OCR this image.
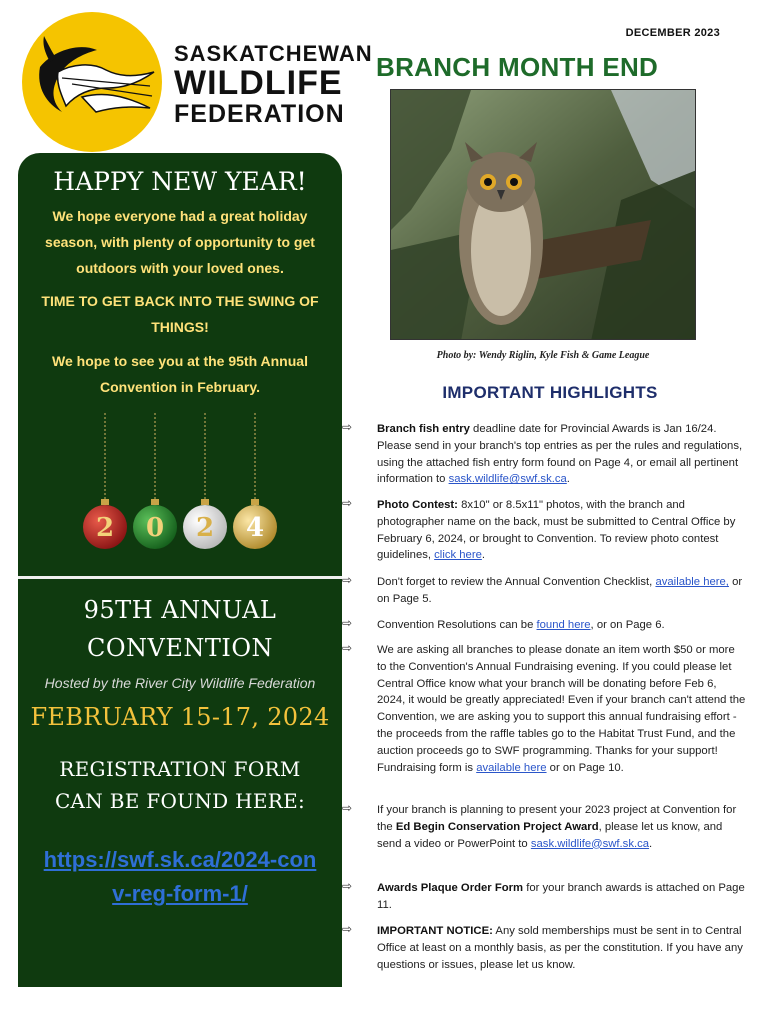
SASKATCHEWAN
WILDLIFE
FEDERATION
DECEMBER 2023
BRANCH MONTH END
Photo by: Wendy Riglin, Kyle Fish & Game League
HAPPY NEW YEAR!
We hope everyone had a great holiday season, with plenty of opportunity to get outdoors with your loved ones.
TIME TO GET BACK INTO THE SWING OF THINGS!
We hope to see you at the 95th Annual Convention in February.
2 0 2 4
95TH ANNUAL CONVENTION
Hosted by the River City Wildlife Federation
FEBRUARY 15-17, 2024
REGISTRATION FORM CAN BE FOUND HERE:
https://swf.sk.ca/2024-conv-reg-form-1/
IMPORTANT HIGHLIGHTS
⇨ Branch fish entry deadline date for Provincial Awards is Jan 16/24. Please send in your branch's top entries as per the rules and regulations, using the attached fish entry form found on Page 4, or email all pertinent information to sask.wildlife@swf.sk.ca.
⇨ Photo Contest: 8x10" or 8.5x11" photos, with the branch and photographer name on the back, must be submitted to Central Office by February 6, 2024, or brought to Convention. To review photo contest guidelines, click here.
⇨ Don't forget to review the Annual Convention Checklist, available here, or on Page 5.
⇨ Convention Resolutions can be found here, or on Page 6.
⇨ We are asking all branches to please donate an item worth $50 or more to the Convention's Annual Fundraising evening. If you could please let Central Office know what your branch will be donating before Feb 6, 2024, it would be greatly appreciated! Even if your branch can't attend the Convention, we are asking you to support this annual fundraising effort - the proceeds from the raffle tables go to the Habitat Trust Fund, and the auction proceeds go to SWF programming. Thanks for your support! Fundraising form is available here or on Page 10.
⇨ If your branch is planning to present your 2023 project at Convention for the Ed Begin Conservation Project Award, please let us know, and send a video or PowerPoint to sask.wildlife@swf.sk.ca.
⇨ Awards Plaque Order Form for your branch awards is attached on Page 11.
⇨ IMPORTANT NOTICE: Any sold memberships must be sent in to Central Office at least on a monthly basis, as per the constitution. If you have any questions or issues, please let us know.
